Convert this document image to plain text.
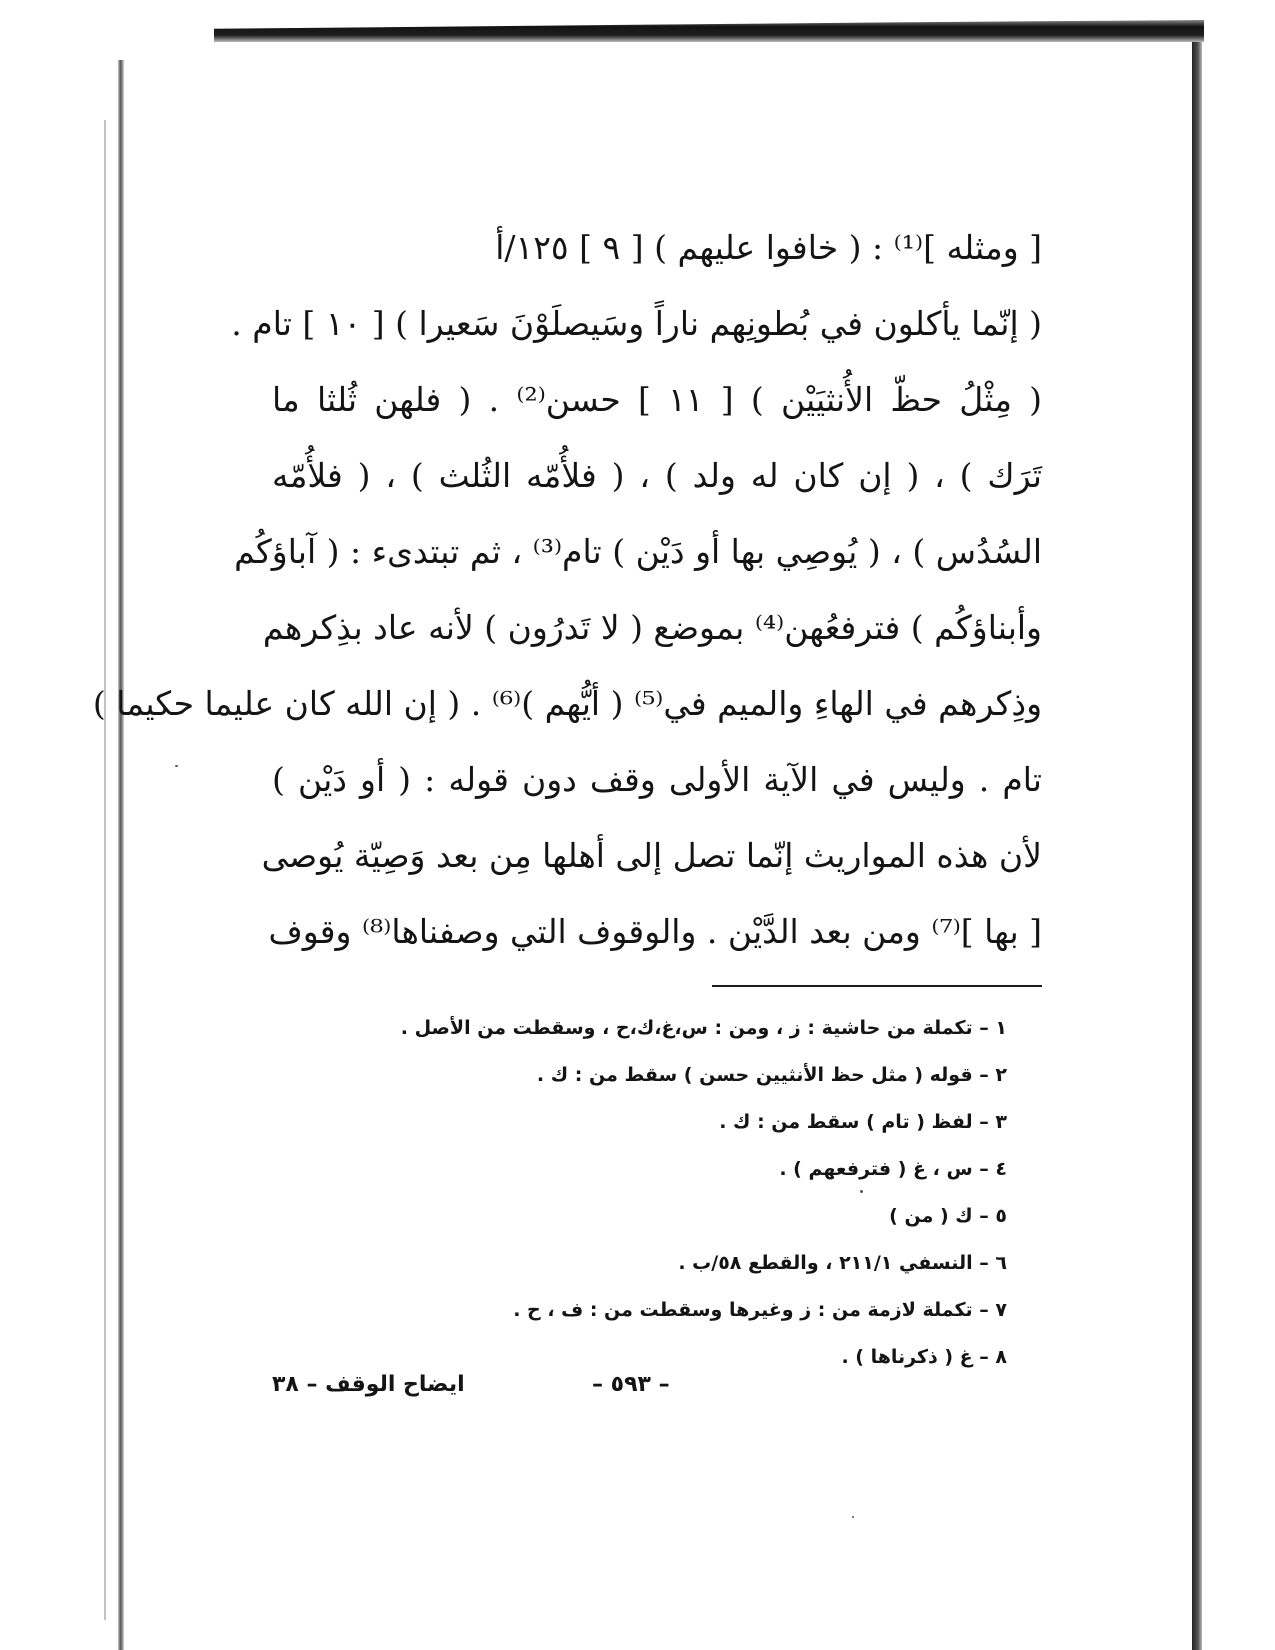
[ ومثله ]⁽¹⁾ : ( خافوا عليهم ) [ ٩ ] ١٢٥/أ
( إنّما يأكلون في بُطونِهم ناراً وسَيصلَوْنَ سَعيرا ) [ ١٠ ] تام .
( مِثْلُ حظّ الأُنثيَيْن ) [ ١١ ] حسن⁽²⁾ . ( فلهن ثُلثا ما
تَرَك ) ، ( إن كان له ولد ) ، ( فلأُمّه الثُلث ) ، ( فلأُمّه
السُدُس ) ، ( يُوصِي بها أو دَيْن ) تام⁽³⁾ ، ثم تبتدىء : ( آباؤكُم
وأبناؤكُم ) فترفعُهن⁽⁴⁾ بموضع ( لا تَدرُون ) لأنه عاد بذِكرهم
وذِكرهم في الهاءِ والميم في⁽⁵⁾ ( أيُّهم )⁽⁶⁾ . ( إن الله كان عليما حكيما )
تام . وليس في الآية الأولى وقف دون قوله : ( أو دَيْن )
لأن هذه المواريث إنّما تصل إلى أهلها مِن بعد وَصِيّة يُوصى
[ بها ]⁽⁷⁾ ومن بعد الدَّيْن . والوقوف التي وصفناها⁽⁸⁾ وقوف
١ – تكملة من حاشية : ز ، ومن : س،غ،ك،ح ، وسقطت من الأصل .
٢ – قوله ( مثل حظ الأنثيين حسن ) سقط من : ك .
٣ – لفظ ( تام ) سقط من : ك .
٤ – س ، غ ( فترفعهم ) .
٥ – ك ( من )
٦ – النسفي ٢١١/١ ، والقطع ٥٨/ب .
٧ – تكملة لازمة من : ز وغيرها وسقطت من : ف ، ح .
٨ – غ ( ذكرناها ) .
ايضاح الوقف – ٣٨	– ٥٩٣ –
